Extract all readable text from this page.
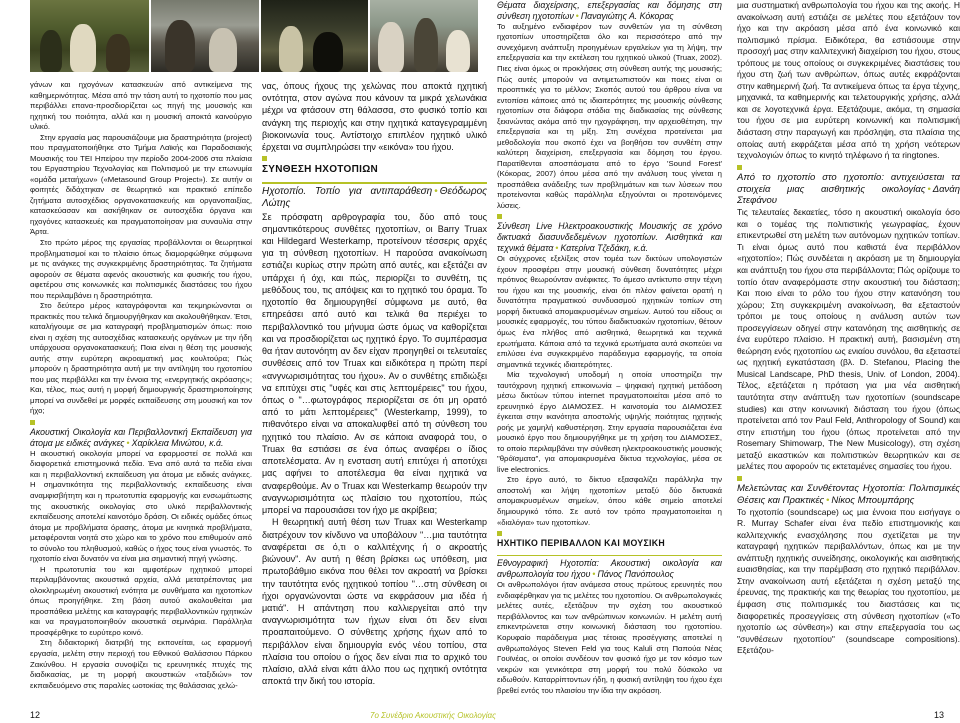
γάνων και ηχογόνων κατασκευών από αντικείμενα της καθημερινότητας. Μέσα από την τάση αυτή το ηχοτοπίο που μας περιβάλλει επανα-προσδιορίζεται ως πηγή της μουσικής και ηχητική του ποιότητα, αλλά και η μουσική αποκτά καινούργιο υλικό.

Στην εργασία μας παρουσιάζουμε μια δραστηριότητα (project) που πραγματοποιήθηκε στο Τμήμα Λαϊκής και Παραδοσιακής Μουσικής του ΤΕΙ Ηπείρου την περίοδο 2004-2006 στα πλαίσια του Εργαστηρίου Τεχνολογίας και Πολιτισμού με την επωνυμία «ομάδα μεταήχων» («Metasound Group Project»). Σε αυτήν οι φοιτητές διδάχτηκαν σε θεωρητικό και πρακτικό επίπεδο ζητήματα αυτοσχέδιας οργανοκατασκευής και οργανοπαιξίας, κατασκεύασαν και ασκήθηκαν σε αυτοσχέδια όργανα και ηχογόνες κατασκευές και πραγματοποίησαν μια συναυλία στην Άρτα.

Στο πρώτο μέρος της εργασίας προβάλλονται οι θεωρητικοί προβληματισμοί και το πλαίσιο όπως διαμορφώθηκε σύμφωνα με τις ανάγκες της συγκεκριμένης δραστηριότητας. Τα ζητήματα αφορούν σε θέματα αφενός ακουστικής και φυσικής του ήχου, αφετέρου στις κοινωνικές και πολιτισμικές διαστάσεις του ήχου που περιλαμβάνει η δραστηριότητα.

Στο δεύτερο μέρος καταγράφονται και τεκμηριώνονται οι πρακτικές που τελικά δημιουργήθηκαν και ακολουθήθηκαν. Έτσι, καταλήγουμε σε μια καταγραφή προβληματισμών όπως: ποιο είναι η σχέση της αυτοσχέδιας κατασκευής οργάνων με την ήδη υπάρχουσα οργανοκατασκευή; Ποια είναι η θέση της μουσικής αυτής στην ευρύτερη ακροαματική μας κουλτούρα; Πώς μπορούν η δραστηριότητα αυτή με την αντίληψη του ηχοτοπίου που μας περιβάλλει και την έννοια της «ενεργητικής ακρόασης»; Και, τέλος, πως αυτή η μορφή δημιουργικής δραστηριοποίησης μπορεί να συνδεθεί με μορφές εκπαίδευσης στη μουσική και τον ήχο;

Ακουστική Οικολογία και Περιβαλλοντική Εκπαίδευση για άτομα με ειδικές ανάγκες • Χαρίκλεια Μινώτου, κ.ά.

Η ακουστική οικολογία μπορεί να εφαρμοστεί σε πολλά και διαφορετικά επιστημονικά πεδία. Ένα από αυτά τα πεδία είναι και η περιβαλλοντική εκπαίδευση για άτομα με ειδικές ανάγκες. Η σημαντικότητα της περιβαλλοντικής εκπαίδευσης είναι αναμφισβήτητη και η πρωτοτυπία εφαρμογής και ενσωμάτωσης της ακουστικής οικολογίας στο υλικό περιβαλλοντικής εκπαίδευσης αποτελεί καινοτόμο δράση. Οι ειδικές ομάδες όπως άτομα με προβλήματα όρασης, άτομα με κινητικά προβλήματα, μεταφέρονται νοητά στο χώρο και το χρόνο που επιθυμούν από το σύνολο του πληθυσμού, καθώς ο ήχος τους είναι γνωστός. Το ηχοτοπίο είναι δυνατόν να είναι μια σημαντική πηγή γνώσης.

Η πρωτοτυπία του και αμφοτέρων ηχητικού μπορεί περιλαμβάνοντας ακουστικά αρχεία, αλλά μετατρέποντας μια ολοκληρωμένη ακουστική ενότητα με συνθήματα και ηχοτοπίων όπως προηγήθηκε. Στη βάση αυτού ακολουθείται μια προσπάθεια μελέτης και καταγραφής περιβαλλοντικών ηχητικών και να πραγματοποιηθούν ακουστικά σεμινάρια. Παράλληλα προσφέρθηκε το ευρύτερο κοινό.

Στη διδακτορική διατριβή της εκπονείται, ως εφαρμογή εργασία, μελέτη στην περιοχή του Εθνικού Θαλάσσιου Πάρκου Ζακύνθου. Η εργασία συνοψίζει τις ερευνητικές πτυχές της διαδικασίας, με τη μορφή ακουστικών «ταξιδιών» τον εκπαιδευόμενο στις παραλίες ωοτοκίας της θαλάσσιας χελώ-

νας, όπους ήχους της χελώνας που αποκτά ηχητική οντότητα, στον αγώνα που κάνουν τα μικρά χελωνάκια μέχρι να φτάσουν στη θάλασσα, στο φυσικό τοπίο και ανάγκη της περιοχής και στην ηχητικά καταγεγραμμένη βιοκοινωνία τους. Αντίστοιχο επιπλέον ηχητικό υλικό έρχεται να συμπληρώσει την «εικόνα» του ήχου.

ΣΥΝΘΕΣΗ ΗΧΟΤΟΠΙΩΝ

Ηχοτοπίο. Τοπίο για αντιπαράθεση • Θεόδωρος Λώτης

Σε πρόσφατη αρθρογραφία του, δύο από τους σημαντικότερους συνθέτες ηχοτοπίων, οι Barry Truax και Hildegard Westerkamp, προτείνουν τέσσερις αρχές για τη σύνθεση ηχοτοπίων. Η παρούσα ανακοίνωση εστιάζει κυρίως στην πρώτη από αυτές, και εξετάζει αν υπάρχει ή όχι, και πώς, περιορίζει το συνθέτη, τις μεθόδους του, τις απόψεις και το ηχητικό του όραμα. Το ηχοτοπίο θα δημιουργηθεί σύμφωνα με αυτό, θα επηρεάσει από αυτό και τελικά θα περιέχει το περιβαλλοντικό του μήνυμα ώστε όμως να καθορίζεται και να προσδιορίζεται ως ηχητικό έργο. Το συμπέρασμα θα ήταν αυτονόητη αν δεν είχαν προηγηθεί οι τελευταίες συνθέσεις από τον Truax και ειδικότερα η πρώτη περί «ανγνωρισιμότητας του ήχου». Αν ο συνθέτης επιδιώξει να επιτύχει στις "υφές και στις λεπτομέρειες" του ήχου, όπως ο "…φωτογράφος περιορίζεται σε ότι μη ορατό από το μάτι λεπτομέρειες" (Westerkamp, 1999), το πιθανότερο είναι να αποκαλυφθεί από τη σύνθεση του ηχητικό του πλαίσιο. Αν σε κάποια αναφορά του, ο Truax θα εστιάσει σε ένα όπως αναφέρει ο ίδιος αποτελέσματα. Αν η ενσταση αυτή επιτύχει ή αποτύχει μας αφήνει το αποτέλεσμα θα είναι ηχητικά να αναφερθούμε. Αν ο Truax και Westerkamp θεωρούν την αναγνωρισιμότητα ως πλαίσιο του ηχοτοπίου, πώς μπορεί να παρουσιάσει τον ήχο με ακρίβεια;

Η θεωρητική αυτή θέση των Truax και Westerkamp διατρέχουν τον κίνδυνο να υποβάλουν "…μια ταυτότητα αναφέρεται σε ό,τι ο καλλιτέχνης ή ο ακροατής βιώνουν". Αν αυτή η θέση βρίσκει ως υπόθεση, μια πρωτοβάθμιο εικόνα που θέλει τον ακροατή να βρίσκει την ταυτότητα ενός ηχητικού τοπίου "…στη σύνθεση οι ήχοι οργανώνονται ώστε να εκφράσουν μια ιδέα ή ματιά". Η απάντηση που καλλιεργείται από την αναγνωρισιμότητα των ήχων είναι ότι δεν είναι προαπαιτούμενο. Ο σύνθετης χρήσης ήχων από το περιβάλλον είναι δημιουργία ενός νέου τοπίου, στα πλαίσια του οποίου ο ήχος δεν είναι πια το αρχικό του πλαίσιο, αλλά είναι κάτι άλλο που ως ηχητική οντότητα αποκτά την δική του ιστορία.

Θέματα διαχείρισης, επεξεργασίας και δόμησης στη σύνθεση ηχοτοπίων • Παναγιώτης Α. Κόκορας

Το αυξημένο ενδιαφέρον των συνθετών για τη σύνθεση ηχοτοπίων υποστηρίζεται όλο και περισσότερο από την συνεχόμενη ανάπτυξη προηγμένων εργαλείων για τη λήψη, την επεξεργασία και την εκτέλεση του ηχητικού υλικού (Truax, 2002). Πιες είναι όμως οι προκλήσεις στη σύνθεση αυτής της μουσικής; Πώς αυτές μπορούν να αντιμετωπιστούν και ποιες είναι οι προοπτικές για το μέλλον; Σκοπός αυτού του άρθρου είναι να εντοπίσει κάποιες από τις ιδιαιτερότητες της μουσικής σύνθεσης ηχοτοπίων στα διάφορα στάδια της διαδικασίας της σύνθεσης ξεκινώντας ακόμα από την ηχογράφηση, την αρχειοθέτηση, την επεξεργασία και τη μίξη. Στη συνέχεια προτείνεται μια μεθοδολογία που σκοπό έχει να βοηθήσει τον συνθέτη στην καλύτερη διαχείριση, επεξεργασία και δόμηση του έργου. Παρατίθενται αποσπάσματα από το έργο 'Sound Forest' (Κόκορας, 2007) όπου μέσα από την ανάλυση τους γίνεται η προσπάθεια ανάδειξης των προβλημάτων και των λύσεων που προτείνονται καθώς παράλληλα εξηγούνται οι προτεινόμενες λύσεις.

Σύνθεση Live Ηλεκτροακουστικής Μουσικής σε χρόνο δικτυακά διασυνδεδεμένων ηχοτοπίων. Αισθητικά και τεχνικά θέματα • Κατερίνα Τζεδάκη, κ.ά.

Οι σύγχρονες εξελίξεις στον τομέα των δικτύων υπολογιστών έχουν προσφέρει στην μουσική σύνθεση δυνατότητες μέχρι πρότινος θεωρούνταν ανέφικτες. Το άμεσο αντίκτυπο στην τέχνη του ήχου και της μουσικής, είναι ότι πλέον φαίνεται ορατή η δυνατότητα πραγματικού συνδυασμού ηχητικών τοπίων στη μορφή δικτυακά απομακρυσμένων σημείων. Αυτού του είδους οι μουσικές εφαρμογές, του τύπου διαδικτυακών ηχοτοπίων, θέτουν όμως ένα πλήθος από αισθητικά, θεωρητικά και τεχνικά ερωτήματα. Κάποια από τα τεχνικά ερωτήματα αυτά σκοπεύει να επιλύσει ένα συγκεκριμένο παράδειγμα εφαρμογής, τα οποία σημαντικά τεχνικές ιδιαιτερότητες.

Μία τεχνολογική υποδομή η οποία υποστηρίζει την ταυτόχρονη ηχητική επικοινωνία – ψηφιακή ηχητική μετάδοση μέσω δικτύων τύπου internet πραγματοποιείται μέσα από το ερευνητικό έργο ΔΙΑΜΟΣΕΣ. Η καινοτομία του ΔΙΑΜΟΣΕΣ έγκειται στην ικανότητα αποστολής υψηλής ποιότητας ηχητικής ροής με χαμηλή καθυστέρηση. Στην εργασία παρουσιάζεται ένα μουσικό έργο που δημιουργήθηκε με τη χρήση του ΔΙΑΜΟΣΕΣ, το οποίο περιλαμβάνει την σύνθεση ηλεκτροακουστικής μουσικής "θρόϊσματα", για απομακρυσμένα δίκτυα τεχνολογίας, μέσα σε live electronics.

Στο έργο αυτό, το δίκτυο εξασφαλίζει παράλληλα την αποστολή και λήψη ηχοτοπίων μεταξύ δύο δικτυακά απομακρυσμένων σημείων, όπου κάθε σημείο αποτελεί δημιουργικό τόπο. Σε αυτό τον τρόπο πραγματοποιείται η «διαλόγια» των ηχοτοπίων.

ΗΧΗΤΙΚΟ ΠΕΡΙΒΑΛΛΟΝ ΚΑΙ ΜΟΥΣΙΚΗ

Εθνογραφική Ηχοτοπία: Ακουστική οικολογία και ανθρωπολογία του ήχου • Πάνος Πανόπουλος

Οι ανθρωπολόγοι ήταν ανάμεσα στους πρώτους ερευνητές που ενδιαφέρθηκαν για τις μελέτες του ηχοτοπίου. Οι ανθρωπολογικές μελέτες αυτές, εξετάζουν την σχέση του ακουστικού περιβάλλοντος και των ανθρώπινων κοινωνιών. Η μελέτη αυτή επικεντρώνεται στην κοινωνική διάσταση του ηχοτοπίου. Κορυφαίο παράδειγμα μιας τέτοιας προσέγγισης αποτελεί η ανθρωπολόγος Steven Feld για τους Kaluli στη Παπούα Νέας Γουϊνέας, οι οποίοι συνδέουν τον φυσικό ήχο με τον κόσμο των νεκρών και γενικότερα στη μορφή του πολύ δύσκολο να ειδωθούν. Καταρρίπτοντων ήδη, η φυσική αντίληψη του ήχου έχει βρεθεί εντός του πλαισίου την ίδια την ακρόαση.

μια συστηματική ανθρωπολογία του ήχου και της ακοής. Η ανακοίνωση αυτή εστιάζει σε μελέτες που εξετάζουν τον ήχο και την ακρόαση μέσα από ένα κοινωνικό και πολιτισμικό πρίσμα. Ειδικότερα, θα εστιάσουμε στην προσοχή μας στην καλλιτεχνική διαχείριση του ήχου, στους τρόπους με τους οποίους οι συγκεκριμένες διαστάσεις του ήχου στη ζωή των ανθρώπων, όπως αυτές εκφράζονται στην καθημερινή ζωή. Τα αντικείμενα όπως τα έργα τέχνης, μηχανικά, τα καθημερινής και τελετουργικής χρήσης, αλλά και σε λογοτεχνικά έργα. Εξετάζουμε, ακόμα, τη σημασία του ήχου σε μια ευρύτερη κοινωνική και πολιτισμική διάσταση στην παραγωγή και πρόσληψη, στα πλαίσια της οποίας αυτή εκφράζεται μέσα από τη χρήση νεότερων τεχνολογιών όπως το κινητό τηλέφωνο ή τα ringtones.

Από το ηχοτοπίο στο ηχοτοπίο: αντιχειύσεται τα στοιχεία μιας αισθητικής οικολογίας • Δανάη Στεφάνου

Τις τελευταίες δεκαετίες, τόσο η ακουστική οικολογία όσο και ο τομέας της πολιτιστικής γεωγραφίας, έχουν επικεντρωθεί στη μελέτη των αυτόνομων ηχητικών τοπίων. Τι είναι όμως αυτό που καθιστά ένα περιβάλλον «ηχοτοπίο»; Πώς συνδέεται η ακρόαση με τη δημιουργία και ανάπτυξη του ήχου στα περιβάλλοντα; Πώς ορίζουμε το τοπίο όταν αναφερόμαστε στην ακουστική του διάσταση; Και ποιο είναι το ρόλο του ήχου στην κατανόηση του χώρου; Στη συγκεκριμένη ανακοίνωση, θα εξεταστούν τρόποι με τους οποίους η ανάλυση αυτών των προσεγγίσεων οδηγεί στην κατανόηση της αισθητικής σε ένα ευρύτερο πλαίσιο. Η πρακτική αυτή, βασισμένη στη θεώρηση ενός ηχοτοπίου ως ενιαίου συνόλου, θα εξεταστεί ως ηχητική εγκατάσταση (βλ. D. Stefanou, Placing the Musical Landscape, PhD thesis, Univ. of London, 2004). Τέλος, εξετάζεται η πρόταση για μια νέα αισθητική ταυτότητα στην ανάπτυξη των ηχοτοπίων (soundscape studies) και στην κοινωνική διάσταση του ήχου (όπως προτείνεται από τον Paul Feld, Anthropology of Sound) και στην επιστήμη του ήχου (όπως προτείνεται από την Rosemary Shimowarp, The New Musicology), στη σχέση μεταξύ εικαστικών και πολιτιστικών θεωρητικών και σε μελέτες που αφορούν τις εκτεταμένες σημασίες του ήχου.

Μελετώντας και Συνθέτοντας Ηχοτοπία: Πολιτισμικές Θέσεις και Πρακτικές • Νίκος Μπουμπάρης

Το ηχοτοπίο (soundscape) ως μια έννοια που εισήγαγε ο R. Murray Schafer είναι ένα πεδίο επιστημονικής και καλλιτεχνικής ενασχόλησης που σχετίζεται με την καταγραφή ηχητικών περιβαλλόντων, όπως και με την ανάπτυξη ηχητικής συνείδησης, οικολογικής και αισθητικής ευαισθησίας, και την παρέμβαση στο ηχητικό περιβάλλον. Στην ανακοίνωση αυτή εξετάζεται η σχέση μεταξύ της έρευνας, της πρακτικής και της θεωρίας του ηχοτοπίου, με έμφαση στις πολιτισμικές του διαστάσεις και τις διαφορετικές προσεγγίσεις στη σύνθεση ηχοτοπίων («To ηχοτοπίο ως σύνθεση») και στην επεξεργασία του ως "συνθέσεων ηχοτοπίου" (soundscape compositions). Εξετάζου-

12	7ο Συνέδριο Ακουστικής Οικολογίας	13
